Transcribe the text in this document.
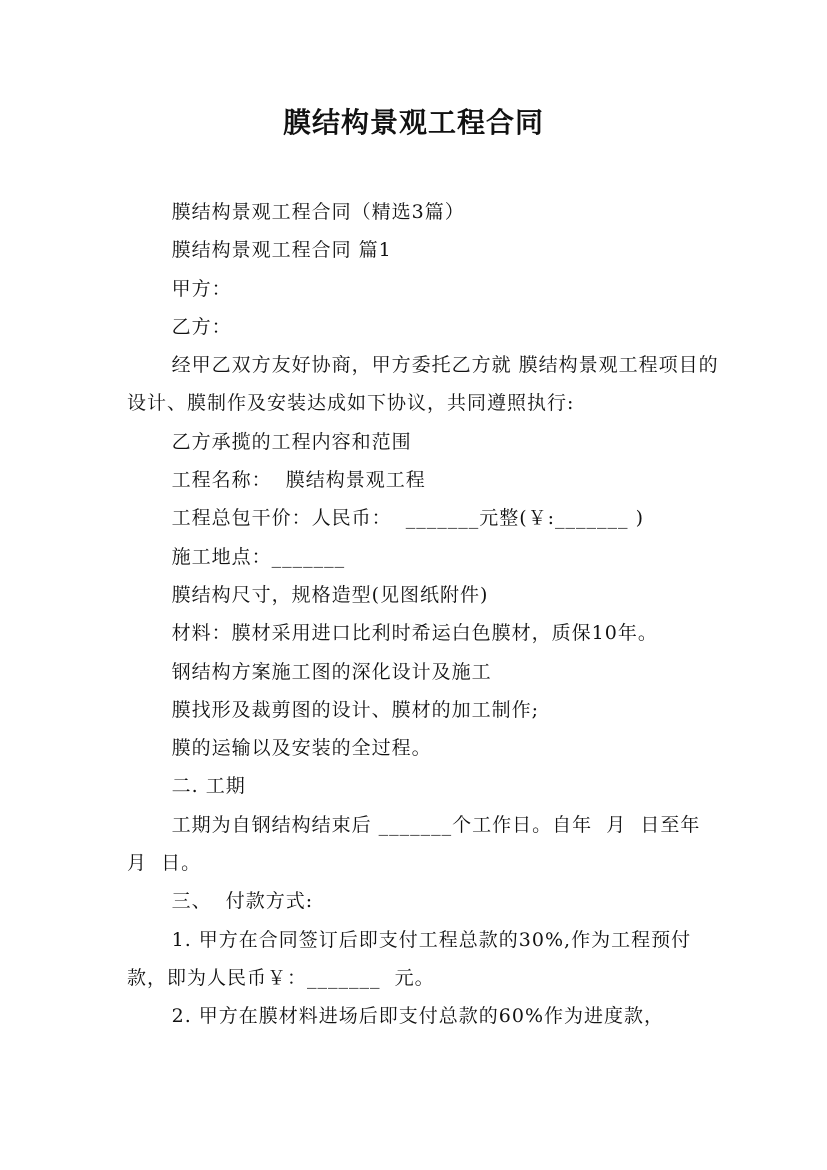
膜结构景观工程合同

膜结构景观工程合同（精选3篇）

膜结构景观工程合同 篇1

甲方：

乙方：

经甲乙双方友好协商，甲方委托乙方就 膜结构景观工程项目的设计、膜制作及安装达成如下协议，共同遵照执行:

乙方承揽的工程内容和范围

工程名称：  膜结构景观工程

工程总包干价：人民币：  _______元整(￥:_______ )

施工地点：_______

膜结构尺寸，规格造型(见图纸附件)

材料：膜材采用进口比利时希运白色膜材，质保10年。

钢结构方案施工图的深化设计及施工

膜找形及裁剪图的设计、膜材的加工制作;

膜的运输以及安装的全过程。

二. 工期

工期为自钢结构结束后 _______个工作日。自年  月  日至年  月  日。

三、  付款方式:

1. 甲方在合同签订后即支付工程总款的30%,作为工程预付款，即为人民币￥：_______  元。

2. 甲方在膜材料进场后即支付总款的60%作为进度款，
